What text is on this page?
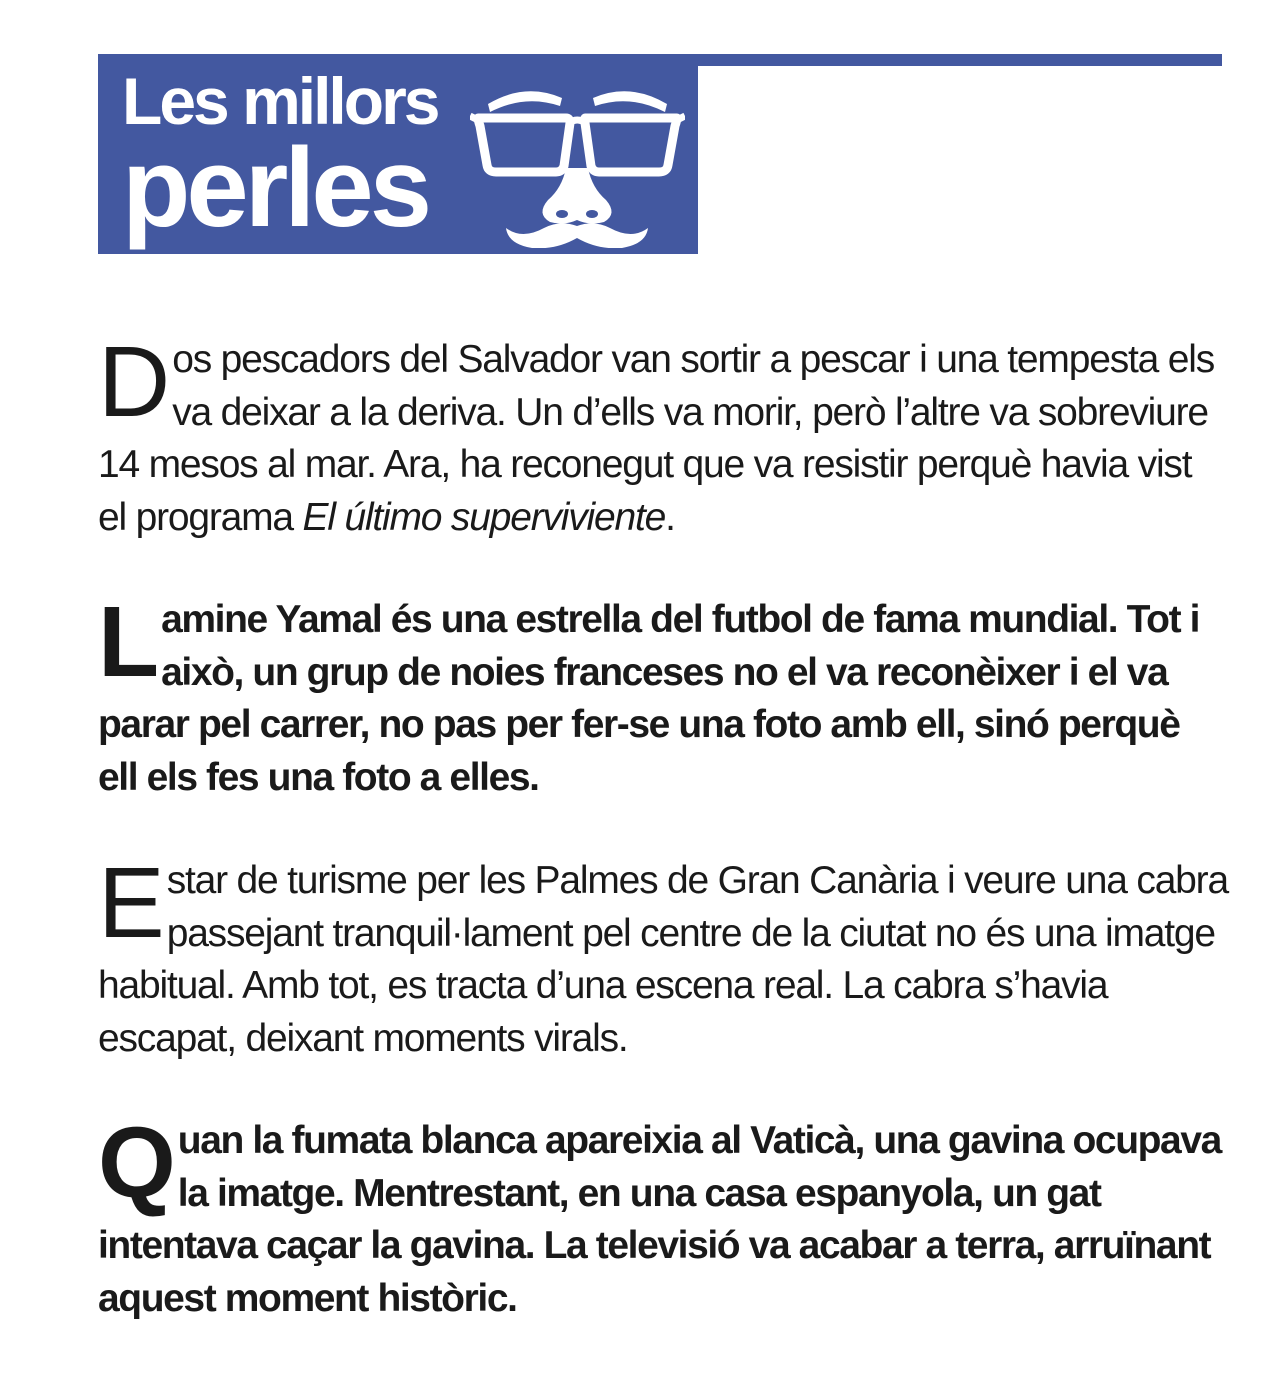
Les millors
perles

Dos pescadors del Salvador van sortir a pescar i una tempesta els va deixar a la deriva. Un d’ells va morir, però l’altre va sobreviure 14 mesos al mar. Ara, ha reconegut que va resistir perquè havia vist el programa El último superviviente.

Lamine Yamal és una estrella del futbol de fama mundial. Tot i això, un grup de noies franceses no el va reconèixer i el va parar pel carrer, no pas per fer-se una foto amb ell, sinó perquè ell els fes una foto a elles.

Estar de turisme per les Palmes de Gran Canària i veure una cabra passejant tranquil·lament pel centre de la ciutat no és una imatge habitual. Amb tot, es tracta d’una escena real. La cabra s’havia escapat, deixant moments virals.

Quan la fumata blanca apareixia al Vaticà, una gavina ocupava la imatge. Mentrestant, en una casa espanyola, un gat intentava caçar la gavina. La televisió va acabar a terra, arruïnant aquest moment històric.
